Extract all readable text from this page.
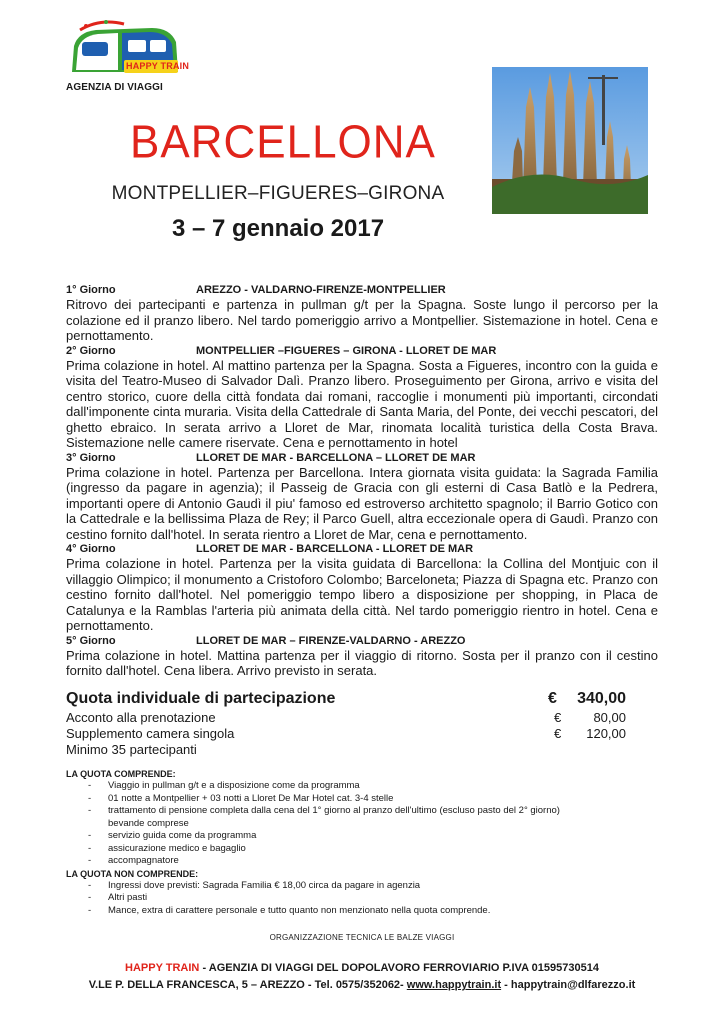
HAPPY TRAIN
AGENZIA DI VIAGGI
BARCELLONA
MONTPELLIER–FIGUERES–GIRONA
3 – 7 gennaio 2017
1° Giorno	AREZZO - VALDARNO-FIRENZE-MONTPELLIER

Ritrovo dei partecipanti e partenza in pullman g/t per la Spagna. Soste lungo il percorso per la colazione ed il pranzo libero. Nel tardo pomeriggio arrivo a Montpellier. Sistemazione in hotel. Cena e pernottamento.

2° Giorno	MONTPELLIER –FIGUERES – GIRONA - LLORET DE MAR

Prima colazione in hotel. Al mattino partenza per la Spagna. Sosta a Figueres, incontro con la guida e visita del Teatro-Museo di Salvador Dalì. Pranzo libero. Proseguimento per Girona, arrivo e visita del centro storico, cuore della città fondata dai romani, raccoglie i monumenti più importanti, circondati dall'imponente cinta muraria. Visita della Cattedrale di Santa Maria, del Ponte, dei vecchi pescatori, del ghetto ebraico. In serata arrivo a Lloret de Mar, rinomata località turistica della Costa Brava. Sistemazione nelle camere riservate. Cena e pernottamento in hotel

3° Giorno	LLORET DE MAR - BARCELLONA – LLORET DE MAR

Prima colazione in hotel. Partenza per Barcellona. Intera giornata visita guidata: la Sagrada Familia (ingresso da pagare in agenzia); il Passeig de Gracia con gli esterni di Casa Batlò e la Pedrera, importanti opere di Antonio Gaudì il piu' famoso ed estroverso architetto spagnolo; il Barrio Gotico con la Cattedrale e la bellissima Plaza de Rey; il Parco Guell, altra eccezionale opera di Gaudì. Pranzo con cestino fornito dall'hotel. In serata rientro a Lloret de Mar, cena e pernottamento.

4° Giorno	LLORET DE MAR - BARCELLONA - LLORET DE MAR

Prima colazione in hotel. Partenza per la visita guidata di Barcellona: la Collina del Montjuic con il villaggio Olimpico; il monumento a Cristoforo Colombo; Barceloneta; Piazza di Spagna etc. Pranzo con cestino fornito dall'hotel. Nel pomeriggio tempo libero a disposizione per shopping, in Placa de Catalunya e la Ramblas l'arteria più animata della città. Nel tardo pomeriggio rientro in hotel. Cena e pernottamento.

5° Giorno	LLORET DE MAR – FIRENZE-VALDARNO - AREZZO

Prima colazione in hotel. Mattina partenza per il viaggio di ritorno. Sosta per il pranzo con il cestino fornito dall'hotel. Cena libera. Arrivo previsto in serata.

Quota individuale di partecipazione	€ 340,00
Acconto alla prenotazione	€ 80,00
Supplemento camera singola	€ 120,00
Minimo 35 partecipanti
LA QUOTA COMPRENDE:
- Viaggio in pullman g/t e a disposizione come da programma
- 01 notte a Montpellier + 03 notti a Lloret De Mar Hotel cat. 3-4 stelle
- trattamento di pensione completa dalla cena del 1° giorno al pranzo dell'ultimo (escluso pasto del 2° giorno)
bevande comprese
- servizio guida come da programma
- assicurazione medico e bagaglio
- accompagnatore
LA QUOTA NON COMPRENDE:
- Ingressi dove previsti: Sagrada Familia € 18,00 circa da pagare in agenzia
- Altri pasti
- Mance, extra di carattere personale e tutto quanto non menzionato nella quota comprende.
ORGANIZZAZIONE TECNICA LE BALZE VIAGGI
HAPPY TRAIN - AGENZIA DI VIAGGI DEL DOPOLAVORO FERROVIARIO P.IVA 01595730514
V.LE P. DELLA FRANCESCA, 5 – AREZZO - Tel. 0575/352062- www.happytrain.it - happytrain@dlfarezzo.it
